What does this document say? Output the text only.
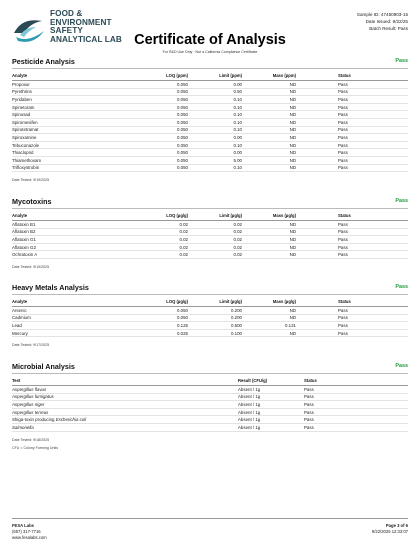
FOOD &
ENVIRONMENT
SAFETY
ANALYTICAL LAB
Sample ID: 47450903-15
Date Issued: 9/22/25
Batch Result: Pass
Certificate of Analysis
For R&D Use Only · Not a California Compliance Certificate
Pesticide Analysis	Pass
Analyte	LOQ (ppm)	Limit (ppm)	Mass (ppm)	Status
Propoxur	0.050	0.00	ND	Pass
Pyrethrins	0.050	0.50	ND	Pass
Pyridaben	0.050	0.10	ND	Pass
Spinetoram	0.050	0.10	ND	Pass
Spinosad	0.050	0.10	ND	Pass
Spiromesifen	0.050	0.10	ND	Pass
Spirotetramat	0.050	0.10	ND	Pass
Spiroxamine	0.050	0.00	ND	Pass
Tebuconazole	0.050	0.10	ND	Pass
Thiacloprid	0.050	0.00	ND	Pass
Thiamethoxam	0.050	5.00	ND	Pass
Trifloxystrobin	0.050	0.10	ND	Pass
Date Tested: 9/19/2025
Mycotoxins	Pass
Analyte	LOQ (µg/g)	Limit (µg/g)	Mass (µg/g)	Status
Aflatoxin B1	0.02	0.02	ND	Pass
Aflatoxin B2	0.02	0.02	ND	Pass
Aflatoxin G1	0.02	0.02	ND	Pass
Aflatoxin G2	0.02	0.02	ND	Pass
Ochratoxin A	0.02	0.02	ND	Pass
Date Tested: 9/19/2025
Heavy Metals Analysis	Pass
Analyte	LOQ (µg/g)	Limit (µg/g)	Mass (µg/g)	Status
Arsenic	0.050	0.200	ND	Pass
Cadmium	0.050	0.200	ND	Pass
Lead	0.125	0.500	0.131	Pass
Mercury	0.025	0.100	ND	Pass
Date Tested: 9/17/2025
Microbial Analysis	Pass
Test	Result (CFU/g)	Status
Aspergillus flavus	Absent / 1g	Pass
Aspergillus fumigatus	Absent / 1g	Pass
Aspergillus niger	Absent / 1g	Pass
Aspergillus terreus	Absent / 1g	Pass
Shiga-toxin producing Escherichia coli	Absent / 1g	Pass
Salmonella	Absent / 1g	Pass
Date Tested: 9/18/2025
CFU = Colony Forming Units
FESA Labs
(657) 317-7716
www.fesalabs.com
Page 3 of 6
9/22/2025 12:33:07
